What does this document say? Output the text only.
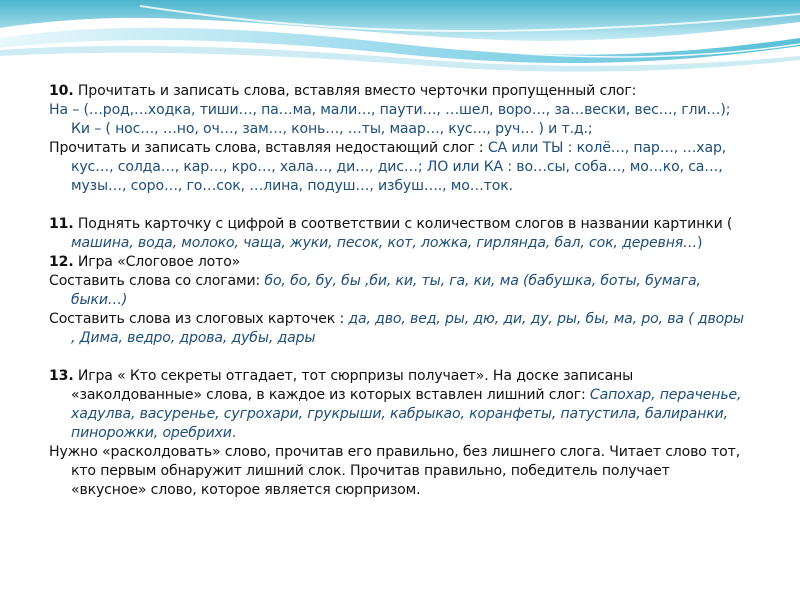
10. Прочитать и записать слова, вставляя вместо черточки пропущенный слог:

На – (…род,…ходка, тиши…, па…ма, мали…, паути…, …шел, воро…, за…вески, вес…, гли…); Ки – ( нос…, …но, оч…, зам…, конь…, …ты, маар…, кус…, руч… ) и т.д.;

Прочитать и записать слова, вставляя недостающий слог : СА или ТЫ : колё…, пар…, …хар, кус…, солда…, кар…, кро…, хала…, ди…, дис…; ЛО или КА : во…сы, соба…, мо…ко, са…, музы…, соро…, го…сок, …лина, подуш…, избуш…., мо…ток.

11. Поднять карточку с цифрой в соответствии с количеством слогов в названии картинки ( машина, вода, молоко, чаща, жуки, песок, кот, ложка, гирлянда, бал, сок, деревня…)

12. Игра «Слоговое лото»

Составить слова со слогами: бо, бо, бу, бы ,би, ки, ты, га, ки, ма (бабушка, боты, бумага, быки…)

Составить слова из слоговых карточек : да, дво, вед, ры, дю, ди, ду, ры, бы, ма, ро, ва ( дворы , Дима, ведро, дрова, дубы, дары

13. Игра « Кто секреты отгадает, тот сюрпризы получает». На доске записаны «заколдованные» слова, в каждое из которых вставлен лишний слог: Сапохар, пераченье, хадулва, васуренье, сугрохари, грукрыши, кабрыкао, коранфеты, патустила, балиранки, пинорожки, оребрихи.

Нужно «расколдовать» слово, прочитав его правильно, без лишнего слога. Читает слово тот, кто первым обнаружит лишний слок. Прочитав правильно, победитель получает «вкусное» слово, которое является сюрпризом.
